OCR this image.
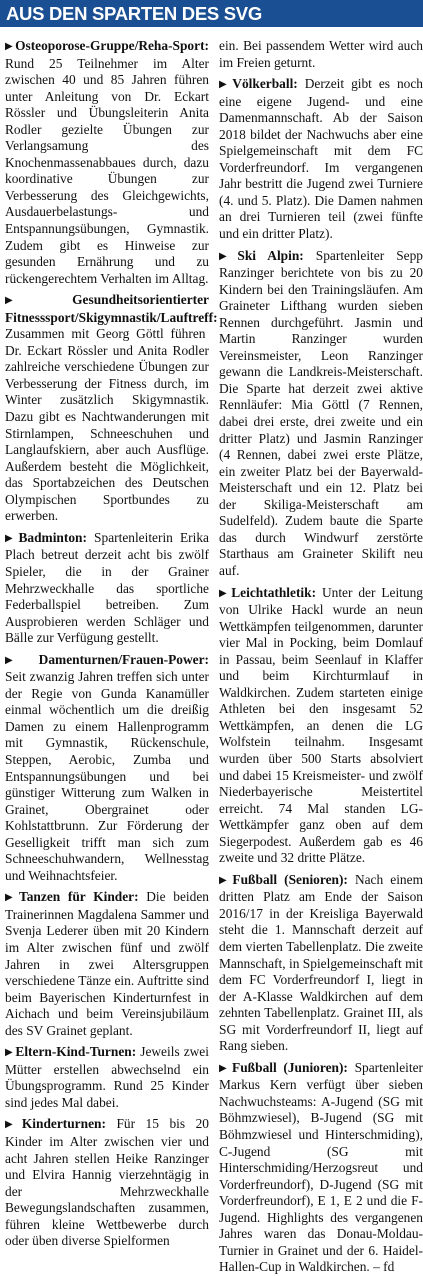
AUS DEN SPARTEN DES SVG

▶ Osteoporose-Gruppe/Reha-Sport: Rund 25 Teilnehmer im Alter zwischen 40 und 85 Jahren führen unter Anleitung von Dr. Eckart Rössler und Übungsleiterin Anita Rodler gezielte Übungen zur Verlangsamung des Knochenmassenabbaues durch, dazu koordinative Übungen zur Verbesserung des Gleichgewichts, Ausdauerbelastungs- und Entspannungsübungen, Gymnastik. Zudem gibt es Hinweise zur gesunden Ernährung und zu rückengerechtem Verhalten im Alltag.

▶ Gesundheitsorientierter Fitnesssport/Skigymnastik/Lauftreff: Zusammen mit Georg Göttl führen Dr. Eckart Rössler und Anita Rodler zahlreiche verschiedene Übungen zur Verbesserung der Fitness durch, im Winter zusätzlich Skigymnastik. Dazu gibt es Nachtwanderungen mit Stirnlampen, Schneeschuhen und Langlaufskiern, aber auch Ausflüge. Außerdem besteht die Möglichkeit, das Sportabzeichen des Deutschen Olympischen Sportbundes zu erwerben.

▶ Badminton: Spartenleiterin Erika Plach betreut derzeit acht bis zwölf Spieler, die in der Grainer Mehrzweckhalle das sportliche Federballspiel betreiben. Zum Ausprobieren werden Schläger und Bälle zur Verfügung gestellt.

▶ Damenturnen/Frauen-Power: Seit zwanzig Jahren treffen sich unter der Regie von Gunda Kanamüller einmal wöchentlich um die dreißig Damen zu einem Hallenprogramm mit Gymnastik, Rückenschule, Steppen, Aerobic, Zumba und Entspannungsübungen und bei günstiger Witterung zum Walken in Grainet, Obergrainet oder Kohlstattbrunn. Zur Förderung der Geselligkeit trifft man sich zum Schneeschuhwandern, Wellnesstag und Weihnachtsfeier.

▶ Tanzen für Kinder: Die beiden Trainerinnen Magdalena Sammer und Svenja Lederer üben mit 20 Kindern im Alter zwischen fünf und zwölf Jahren in zwei Altersgruppen verschiedene Tänze ein. Auftritte sind beim Bayerischen Kinderturnfest in Aichach und beim Vereinsjubiläum des SV Grainet geplant.

▶ Eltern-Kind-Turnen: Jeweils zwei Mütter erstellen abwechselnd ein Übungsprogramm. Rund 25 Kinder sind jedes Mal dabei.

▶ Kinderturnen: Für 15 bis 20 Kinder im Alter zwischen vier und acht Jahren stellen Heike Ranzinger und Elvira Hannig vierzehntägig in der Mehrzweckhalle Bewegungslandschaften zusammen, führen kleine Wettbewerbe durch oder üben diverse Spielformen

ein. Bei passendem Wetter wird auch im Freien geturnt.

▶ Völkerball: Derzeit gibt es noch eine eigene Jugend- und eine Damenmannschaft. Ab der Saison 2018 bildet der Nachwuchs aber eine Spielgemeinschaft mit dem FC Vorderfreundorf. Im vergangenen Jahr bestritt die Jugend zwei Turniere (4. und 5. Platz). Die Damen nahmen an drei Turnieren teil (zwei fünfte und ein dritter Platz).

▶ Ski Alpin: Spartenleiter Sepp Ranzinger berichtete von bis zu 20 Kindern bei den Trainingsläufen. Am Graineter Lifthang wurden sieben Rennen durchgeführt. Jasmin und Martin Ranzinger wurden Vereinsmeister, Leon Ranzinger gewann die Landkreis-Meisterschaft. Die Sparte hat derzeit zwei aktive Rennläufer: Mia Göttl (7 Rennen, dabei drei erste, drei zweite und ein dritter Platz) und Jasmin Ranzinger (4 Rennen, dabei zwei erste Plätze, ein zweiter Platz bei der Bayerwald-Meisterschaft und ein 12. Platz bei der Skiliga-Meisterschaft am Sudelfeld). Zudem baute die Sparte das durch Windwurf zerstörte Starthaus am Graineter Skilift neu auf.

▶ Leichtathletik: Unter der Leitung von Ulrike Hackl wurde an neun Wettkämpfen teilgenommen, darunter vier Mal in Pocking, beim Domlauf in Passau, beim Seenlauf in Klaffer und beim Kirchturmlauf in Waldkirchen. Zudem starteten einige Athleten bei den insgesamt 52 Wettkämpfen, an denen die LG Wolfstein teilnahm. Insgesamt wurden über 500 Starts absolviert und dabei 15 Kreismeister- und zwölf Niederbayerische Meistertitel erreicht. 74 Mal standen LG-Wettkämpfer ganz oben auf dem Siegerpodest. Außerdem gab es 46 zweite und 32 dritte Plätze.

▶ Fußball (Senioren): Nach einem dritten Platz am Ende der Saison 2016/17 in der Kreisliga Bayerwald steht die 1. Mannschaft derzeit auf dem vierten Tabellenplatz. Die zweite Mannschaft, in Spielgemeinschaft mit dem FC Vorderfreundorf I, liegt in der A-Klasse Waldkirchen auf dem zehnten Tabellenplatz. Grainet III, als SG mit Vorderfreundorf II, liegt auf Rang sieben.

▶ Fußball (Junioren): Spartenleiter Markus Kern verfügt über sieben Nachwuchsteams: A-Jugend (SG mit Böhmzwiesel), B-Jugend (SG mit Böhmzwiesel und Hinterschmiding), C-Jugend (SG mit Hinterschmiding/Herzogsreut und Vorderfreundorf), D-Jugend (SG mit Vorderfreundorf), E 1, E 2 und die F-Jugend. Highlights des vergangenen Jahres waren das Donau-Moldau-Turnier in Grainet und der 6. Haidel-Hallen-Cup in Waldkirchen. – fd
